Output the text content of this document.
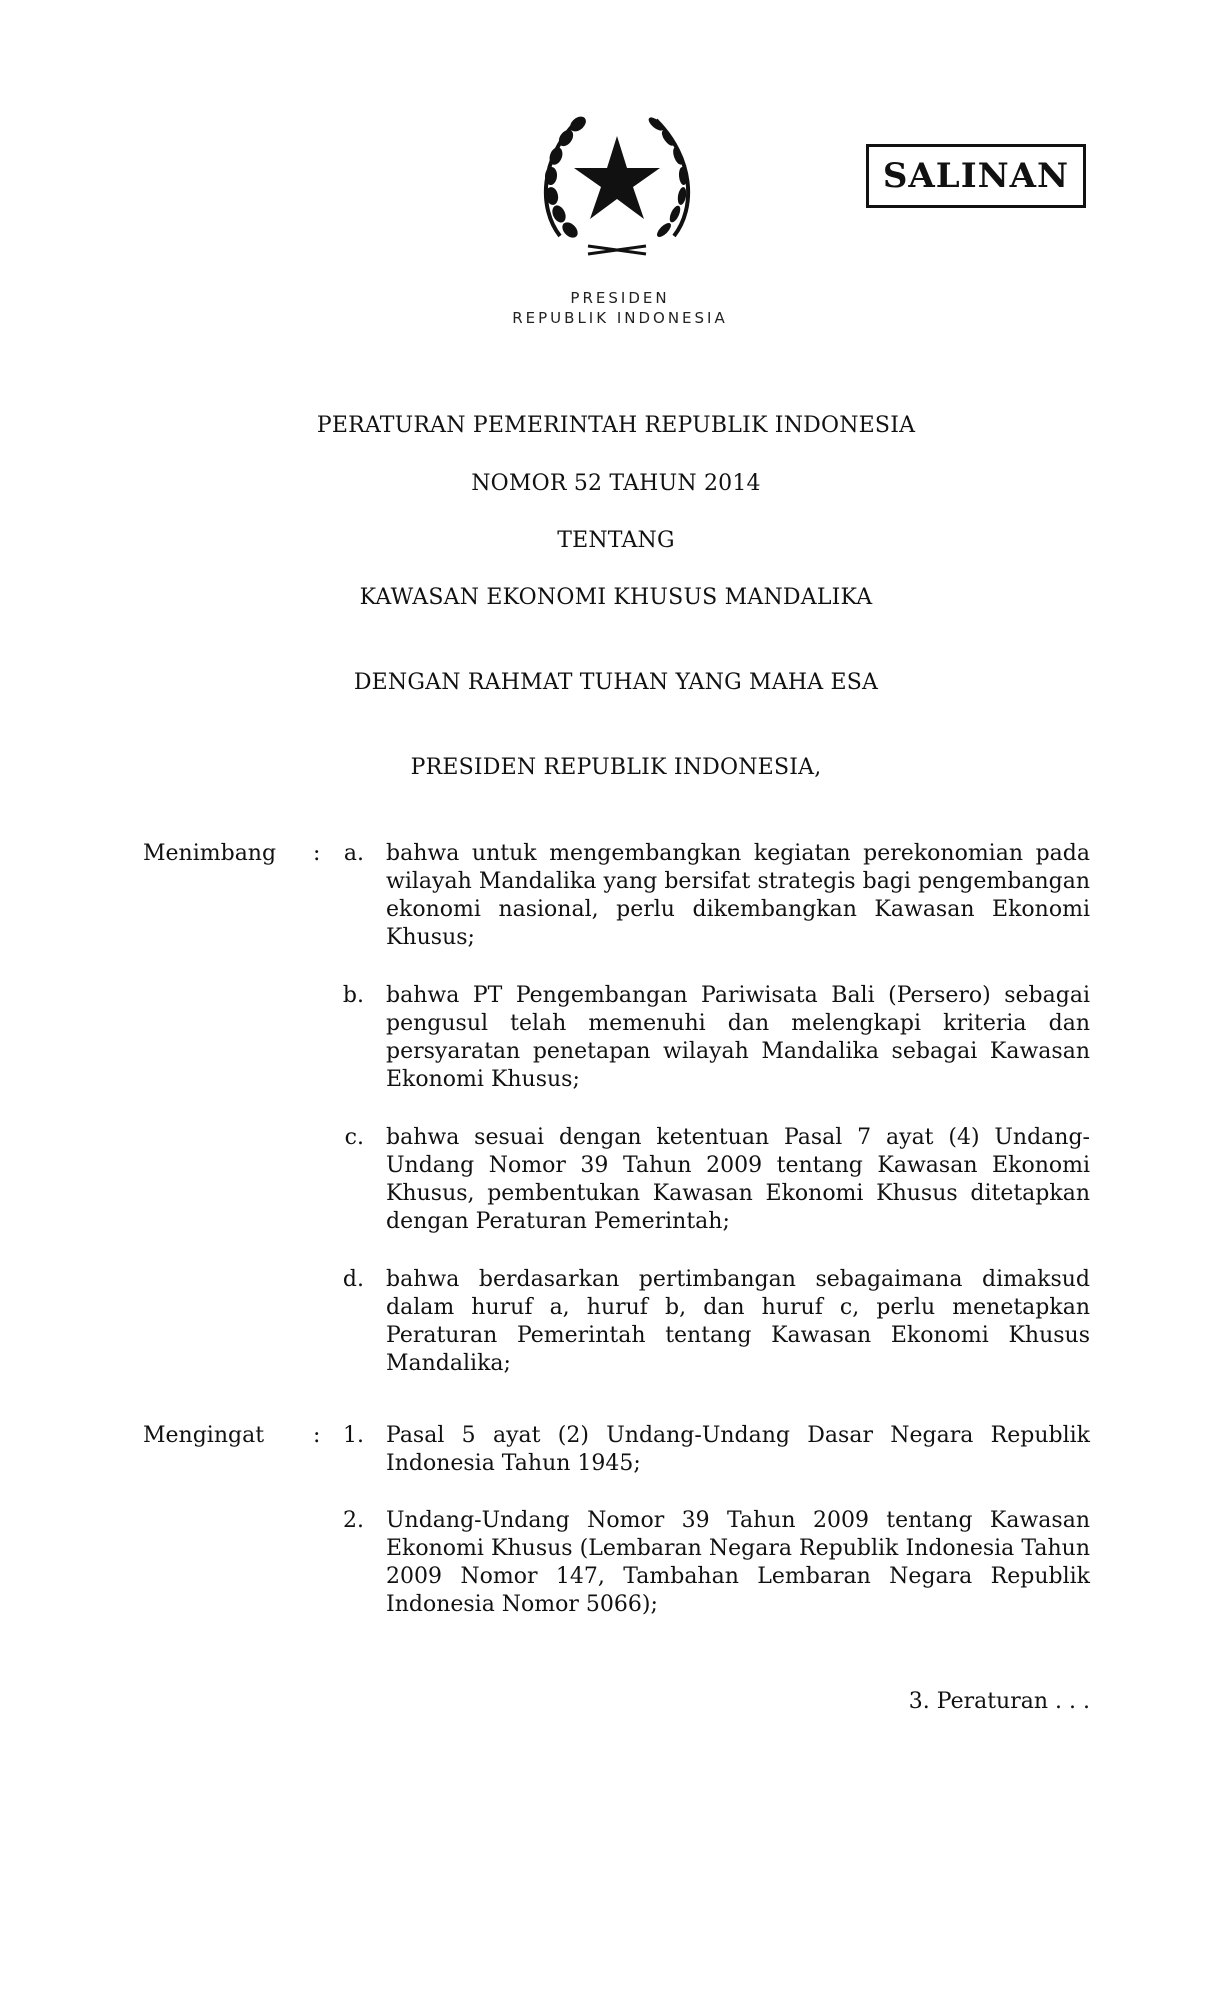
PRESIDEN
REPUBLIK INDONESIA
SALINAN
PERATURAN PEMERINTAH REPUBLIK INDONESIA
NOMOR 52 TAHUN 2014
TENTANG
KAWASAN EKONOMI KHUSUS MANDALIKA
DENGAN RAHMAT TUHAN YANG MAHA ESA
PRESIDEN REPUBLIK INDONESIA,
Menimbang :	a. bahwa untuk mengembangkan kegiatan perekonomian pada wilayah Mandalika yang bersifat strategis bagi pengembangan ekonomi nasional, perlu dikembangkan Kawasan Ekonomi Khusus;
b. bahwa PT Pengembangan Pariwisata Bali (Persero) sebagai pengusul telah memenuhi dan melengkapi kriteria dan persyaratan penetapan wilayah Mandalika sebagai Kawasan Ekonomi Khusus;
c. bahwa sesuai dengan ketentuan Pasal 7 ayat (4) Undang-Undang Nomor 39 Tahun 2009 tentang Kawasan Ekonomi Khusus, pembentukan Kawasan Ekonomi Khusus ditetapkan dengan Peraturan Pemerintah;
d. bahwa berdasarkan pertimbangan sebagaimana dimaksud dalam huruf a, huruf b, dan huruf c, perlu menetapkan Peraturan Pemerintah tentang Kawasan Ekonomi Khusus Mandalika;
Mengingat :	1. Pasal 5 ayat (2) Undang-Undang Dasar Negara Republik Indonesia Tahun 1945;
2. Undang-Undang Nomor 39 Tahun 2009 tentang Kawasan Ekonomi Khusus (Lembaran Negara Republik Indonesia Tahun 2009 Nomor 147, Tambahan Lembaran Negara Republik Indonesia Nomor 5066);
3. Peraturan . . .
